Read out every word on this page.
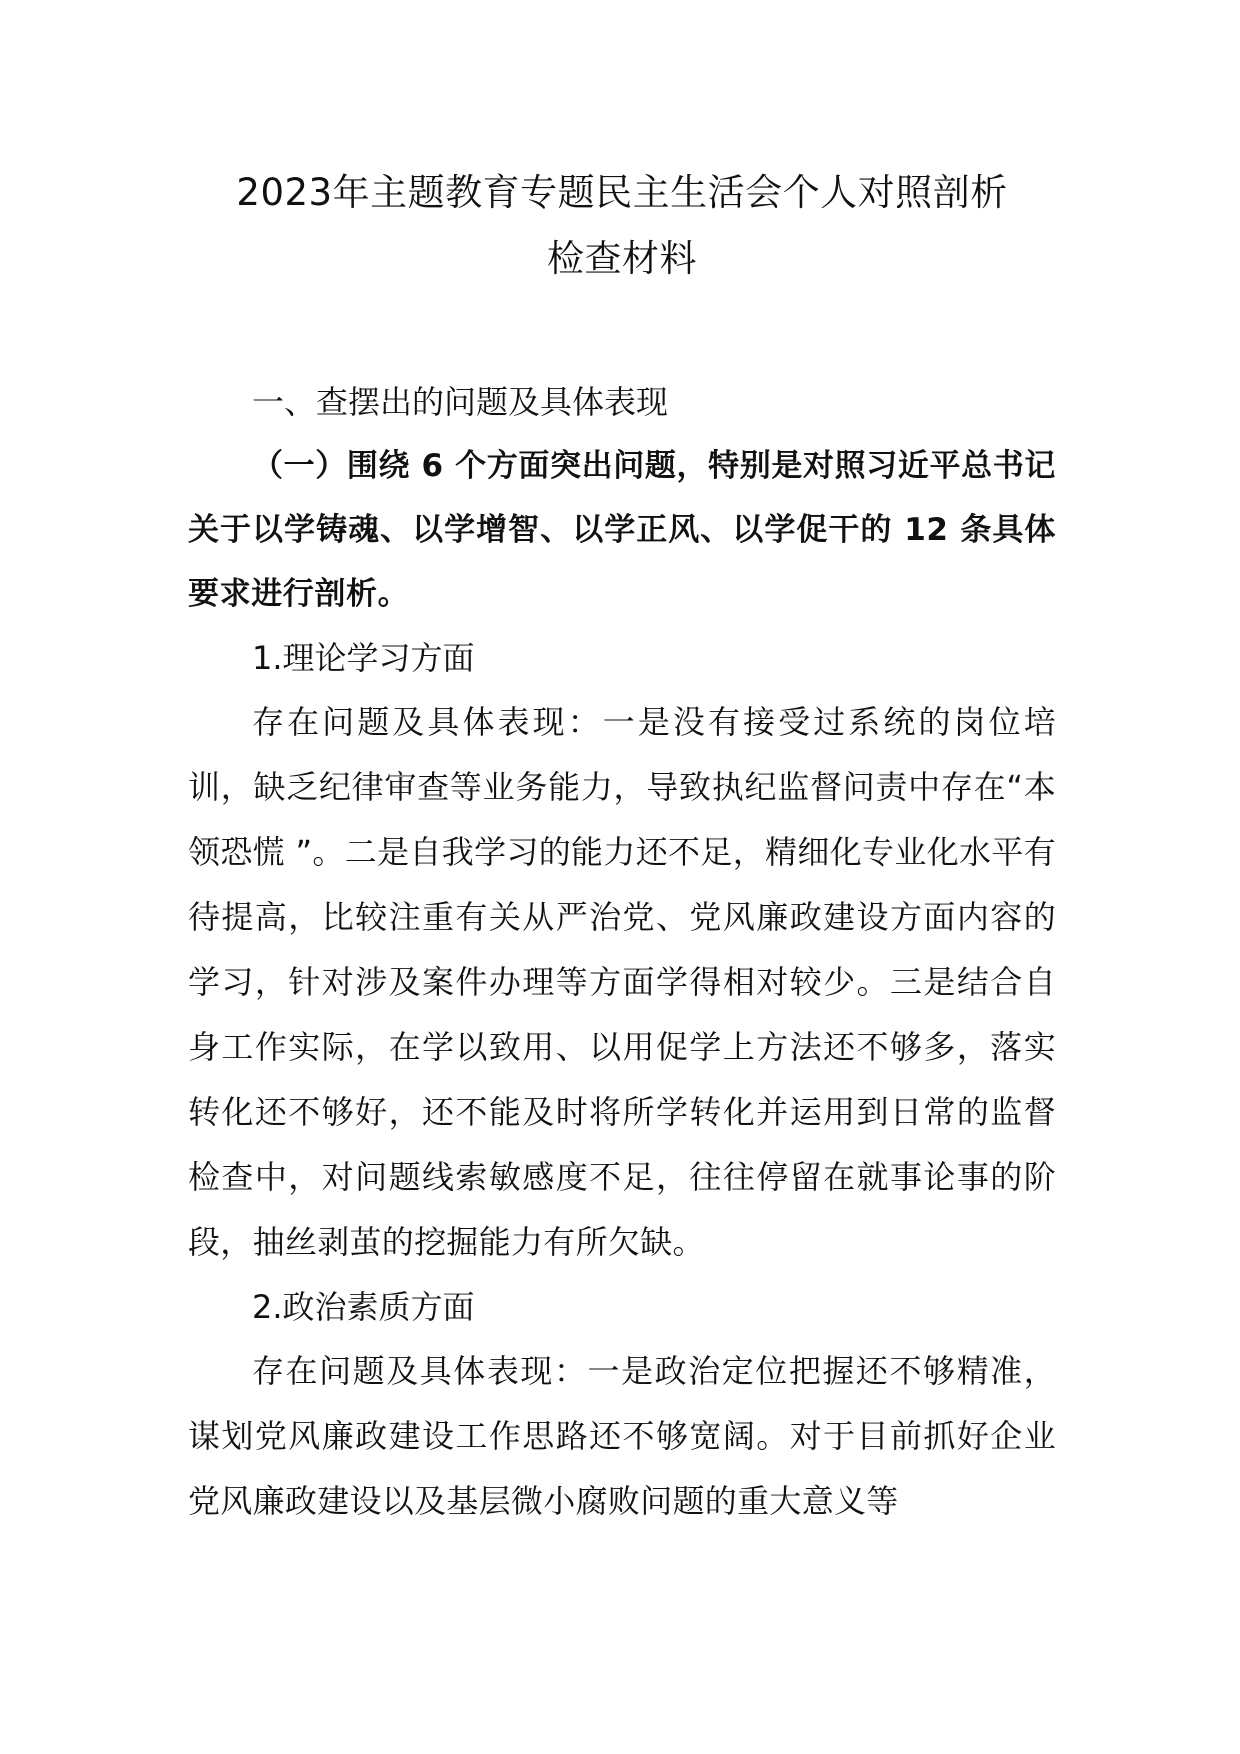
2023年主题教育专题民主生活会个人对照剖析
检查材料

一、查摆出的问题及具体表现

（一）围绕 6 个方面突出问题，特别是对照习近平总书记关于以学铸魂、以学增智、以学正风、以学促干的 12 条具体要求进行剖析。

1.理论学习方面

存在问题及具体表现：一是没有接受过系统的岗位培训，缺乏纪律审查等业务能力，导致执纪监督问责中存在“本领恐慌 ”。二是自我学习的能力还不足，精细化专业化水平有待提高，比较注重有关从严治党、党风廉政建设方面内容的学习，针对涉及案件办理等方面学得相对较少。三是结合自身工作实际，在学以致用、以用促学上方法还不够多，落实转化还不够好，还不能及时将所学转化并运用到日常的监督检查中，对问题线索敏感度不足，往往停留在就事论事的阶段，抽丝剥茧的挖掘能力有所欠缺。

2.政治素质方面

存在问题及具体表现：一是政治定位把握还不够精准，谋划党风廉政建设工作思路还不够宽阔。对于目前抓好企业党风廉政建设以及基层微小腐败问题的重大意义等
